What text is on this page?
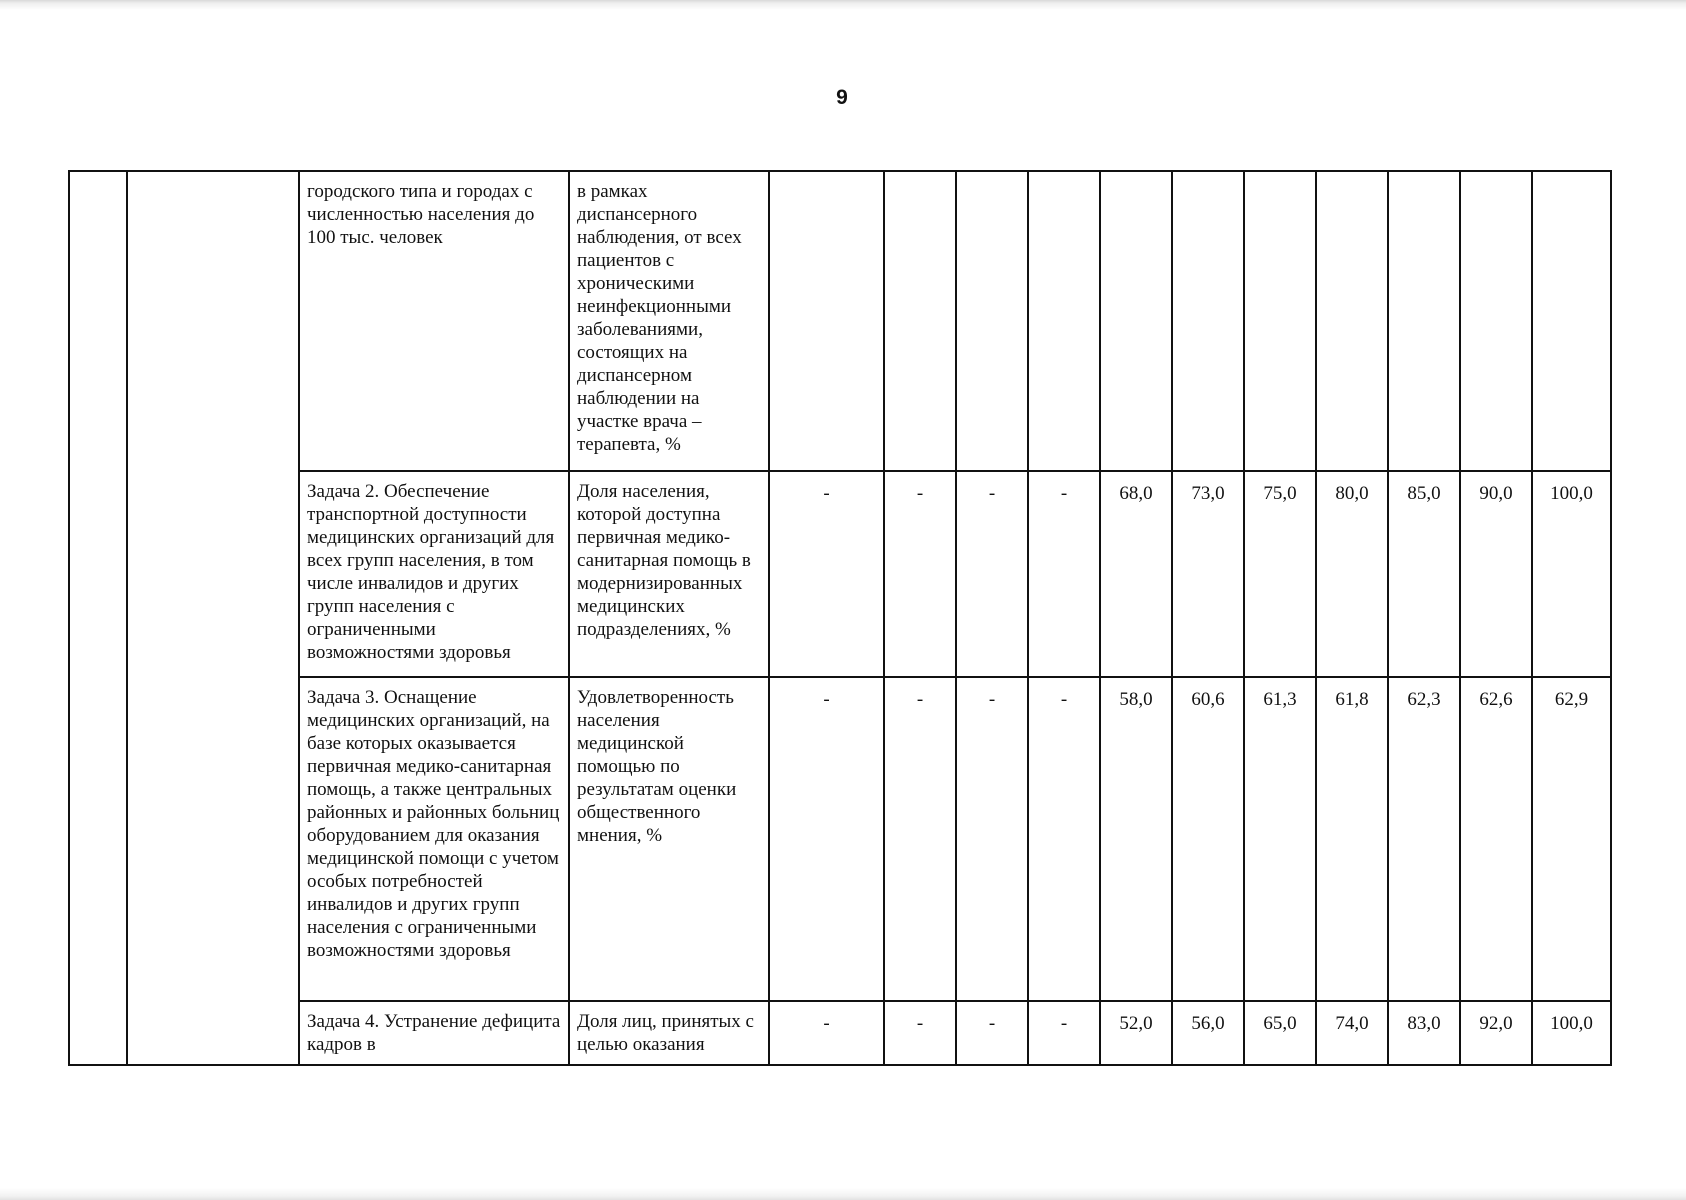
9
		городского типа и городах с численностью населения до 100 тыс. человек	в рамках диспансерного наблюдения, от всех пациентов с хроническими неинфекционными заболеваниями, состоящих на диспансерном наблюдении на участке врача – терапевта, %											
		Задача 2. Обеспечение транспортной доступности медицинских организаций для всех групп населения, в том числе инвалидов и других групп населения с ограниченными возможностями здоровья	Доля населения, которой доступна первичная медико-санитарная помощь в модернизированных медицинских подразделениях, %	-	-	-	-	68,0	73,0	75,0	80,0	85,0	90,0	100,0
		Задача 3. Оснащение медицинских организаций, на базе которых оказывается первичная медико-санитарная помощь, а также центральных районных и районных больниц оборудованием для оказания медицинской помощи с учетом особых потребностей инвалидов и других групп населения с ограниченными возможностями здоровья	Удовлетворенность населения медицинской помощью по результатам оценки общественного мнения, %	-	-	-	-	58,0	60,6	61,3	61,8	62,3	62,6	62,9
		Задача 4. Устранение дефицита кадров в	Доля лиц, принятых с целью оказания	-	-	-	-	52,0	56,0	65,0	74,0	83,0	92,0	100,0
